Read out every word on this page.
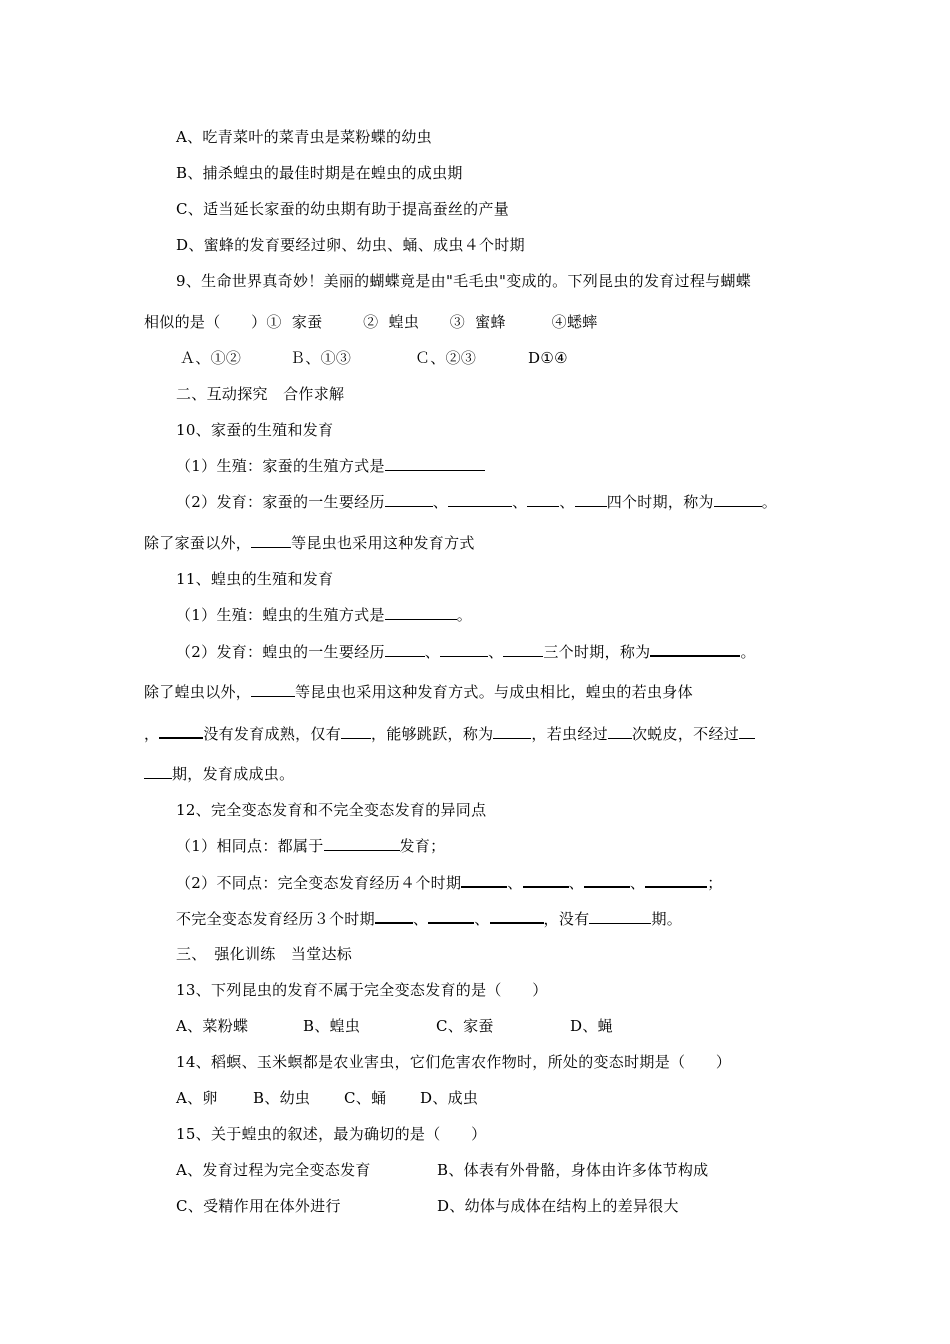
A、吃青菜叶的菜青虫是菜粉蝶的幼虫
B、捕杀蝗虫的最佳时期是在蝗虫的成虫期
C、适当延长家蚕的幼虫期有助于提高蚕丝的产量
D、蜜蜂的发育要经过卵、幼虫、蛹、成虫４个时期
9、生命世界真奇妙！美丽的蝴蝶竟是由"毛毛虫"变成的。下列昆虫的发育过程与蝴蝶
相似的是（　　）①  家蚕　　  ②  蝗虫　   ③  蜜蜂　　　④蟋蟀
Ａ、①②	Ｂ、①③	Ｃ、②③	D①④
二、互动探究　合作求解
10、家蚕的生殖和发育
（1）生殖：家蚕的生殖方式是
（2）发育：家蚕的一生要经历	、	、 、 四个时期，称为	。
除了家蚕以外，	等昆虫也采用这种发育方式
11、蝗虫的生殖和发育
（1）生殖：蝗虫的生殖方式是	。
（2）发育：蝗虫的一生要经历	、	、	三个时期，称为	。
除了蝗虫以外，	等昆虫也采用这种发育方式。与成虫相比，蝗虫的若虫身体
，	没有发育成熟，仅有 ，能够跳跃，称为	，若虫经过 次蜕皮，不经过
期，发育成成虫。
12、完全变态发育和不完全变态发育的异同点
（1）相同点：都属于	发育；
（2）不同点：完全变态发育经历４个时期	、	、	、	；
不完全变态发育经历３个时期	、	、	，没有	期。
三、　强化训练　当堂达标
13、下列昆虫的发育不属于完全变态发育的是（　　）
A、菜粉蝶	B、蝗虫	C、家蚕	D、蝇
14、稻螟、玉米螟都是农业害虫，它们危害农作物时，所处的变态时期是（　　）
A、卵 B、幼虫 C、蛹 D、成虫
15、关于蝗虫的叙述，最为确切的是（　　）
A、发育过程为完全变态发育	B、体表有外骨骼，身体由许多体节构成
C、受精作用在体外进行	D、幼体与成体在结构上的差异很大
